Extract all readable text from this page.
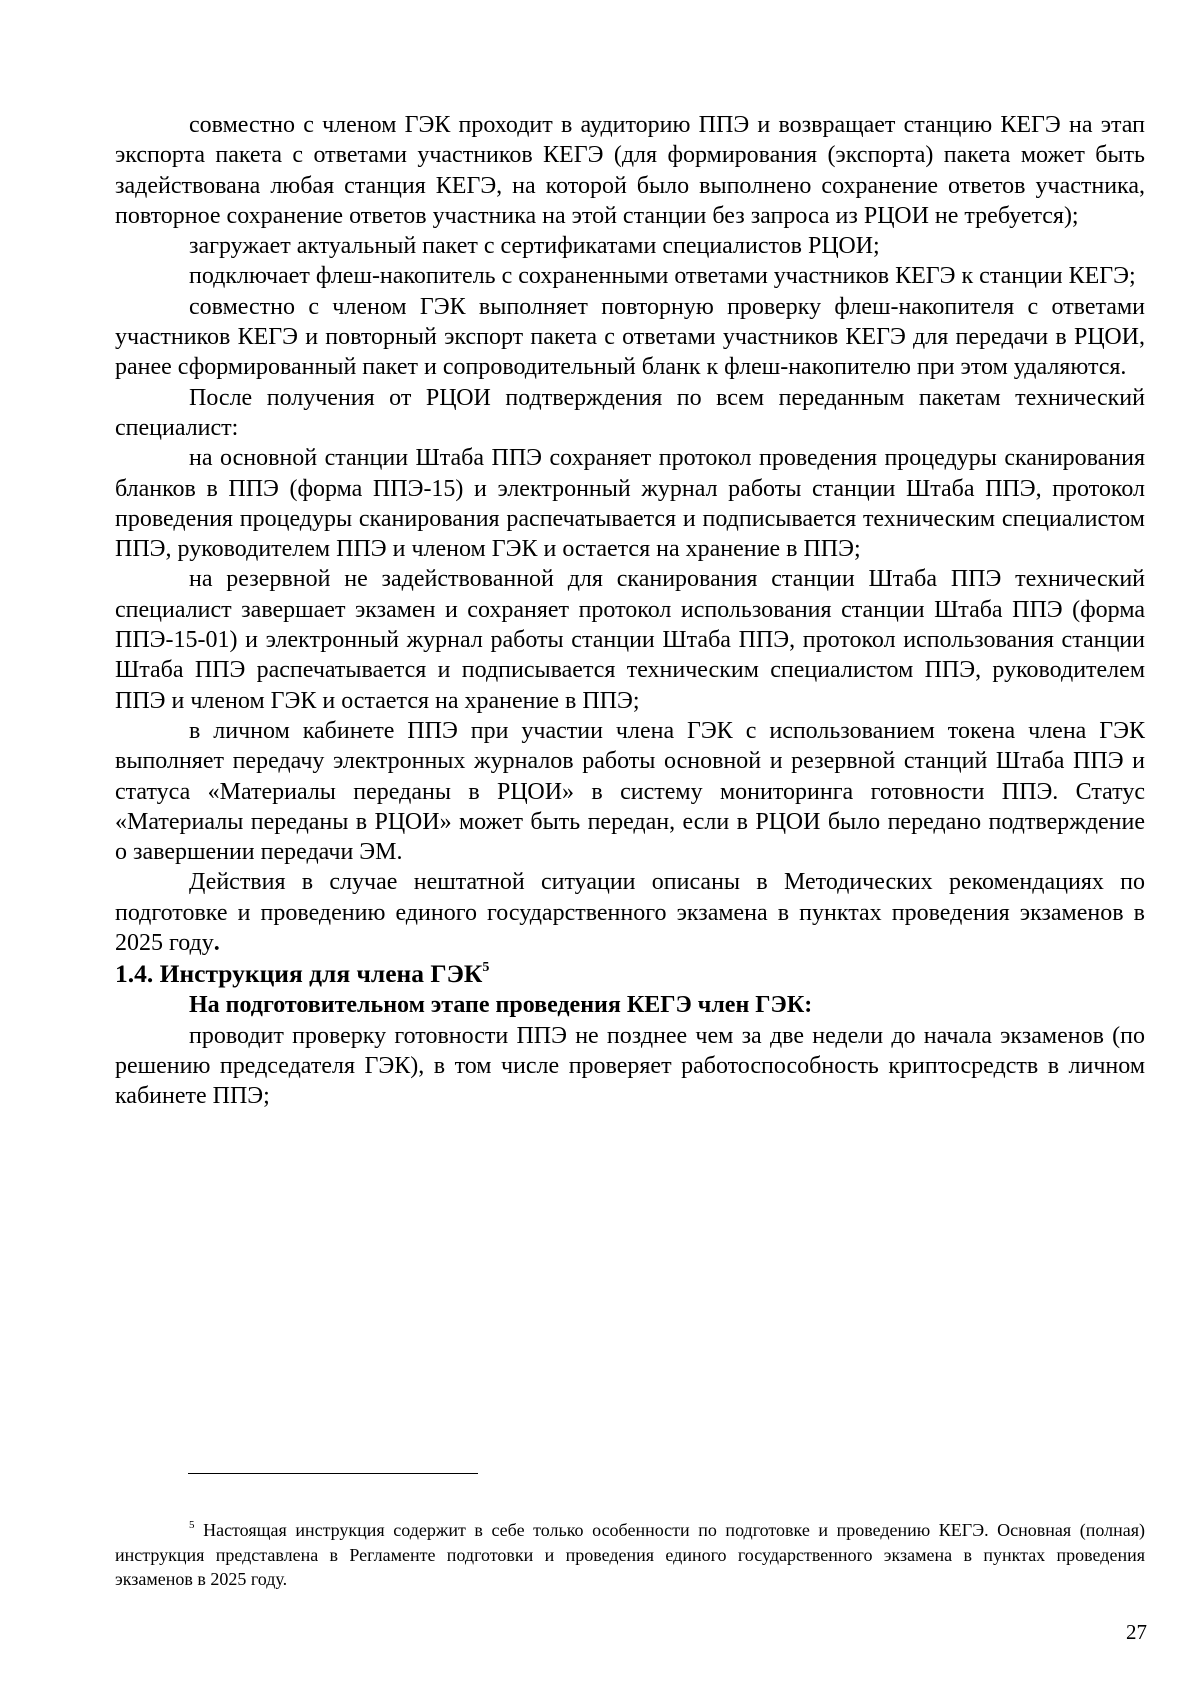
совместно с членом ГЭК проходит в аудиторию ППЭ и возвращает станцию КЕГЭ на этап экспорта пакета с ответами участников КЕГЭ (для формирования (экспорта) пакета может быть задействована любая станция КЕГЭ, на которой было выполнено сохранение ответов участника, повторное сохранение ответов участника на этой станции без запроса из РЦОИ не требуется);

загружает актуальный пакет с сертификатами специалистов РЦОИ;

подключает флеш-накопитель с сохраненными ответами участников КЕГЭ к станции КЕГЭ;

совместно с членом ГЭК выполняет повторную проверку флеш-накопителя с ответами участников КЕГЭ и повторный экспорт пакета с ответами участников КЕГЭ для передачи в РЦОИ, ранее сформированный пакет и сопроводительный бланк к флеш-накопителю при этом удаляются.

После получения от РЦОИ подтверждения по всем переданным пакетам технический специалист:

на основной станции Штаба ППЭ сохраняет протокол проведения процедуры сканирования бланков в ППЭ (форма ППЭ-15) и электронный журнал работы станции Штаба ППЭ, протокол проведения процедуры сканирования распечатывается и подписывается техническим специалистом ППЭ, руководителем ППЭ и членом ГЭК и остается на хранение в ППЭ;

на резервной не задействованной для сканирования станции Штаба ППЭ технический специалист завершает экзамен и сохраняет протокол использования станции Штаба ППЭ (форма ППЭ-15-01) и электронный журнал работы станции Штаба ППЭ, протокол использования станции Штаба ППЭ распечатывается и подписывается техническим специалистом ППЭ, руководителем ППЭ и членом ГЭК и остается на хранение в ППЭ;

в личном кабинете ППЭ при участии члена ГЭК с использованием токена члена ГЭК выполняет передачу электронных журналов работы основной и резервной станций Штаба ППЭ и статуса «Материалы переданы в РЦОИ» в систему мониторинга готовности ППЭ. Статус «Материалы переданы в РЦОИ» может быть передан, если в РЦОИ было передано подтверждение о завершении передачи ЭМ.

Действия в случае нештатной ситуации описаны в Методических рекомендациях по подготовке и проведению единого государственного экзамена в пунктах проведения экзаменов в 2025 году.

1.4. Инструкция для члена ГЭК$^5$

На подготовительном этапе проведения КЕГЭ член ГЭК:

проводит проверку готовности ППЭ не позднее чем за две недели до начала экзаменов (по решению председателя ГЭК), в том числе проверяет работоспособность криптосредств в личном кабинете ППЭ;

$^5$ Настоящая инструкция содержит в себе только особенности по подготовке и проведению КЕГЭ. Основная (полная) инструкция представлена в Регламенте подготовки и проведения единого государственного экзамена в пунктах проведения экзаменов в 2025 году.

27
